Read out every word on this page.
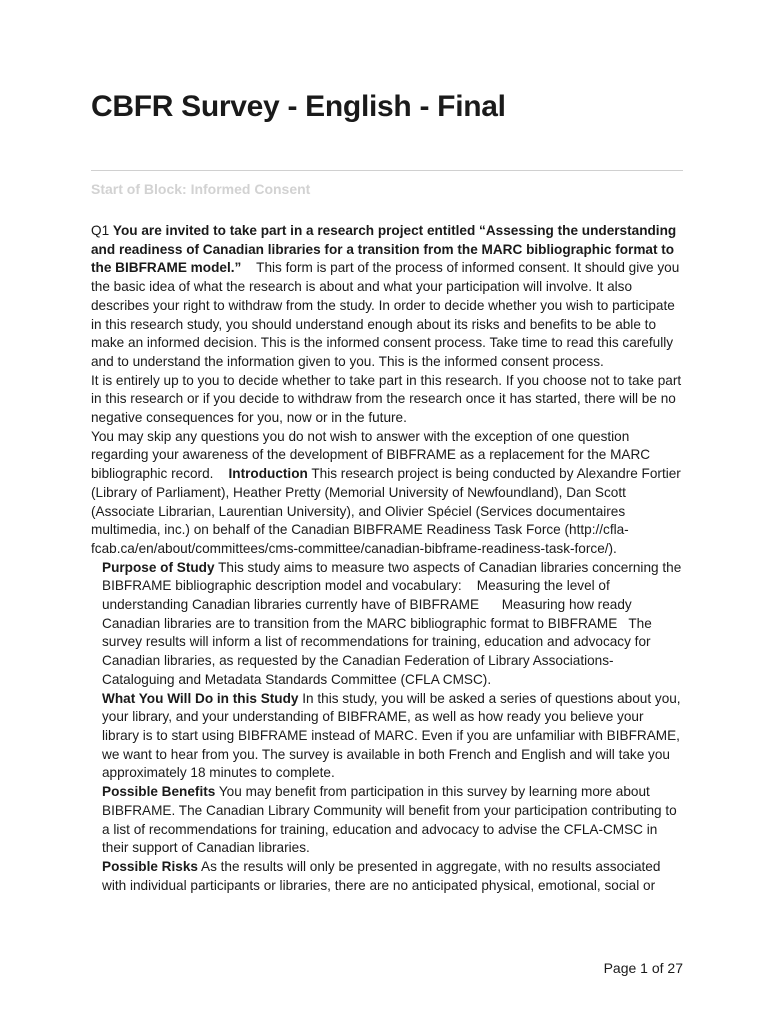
CBFR Survey - English - Final
Start of Block: Informed Consent

Q1 You are invited to take part in a research project entitled “Assessing the understanding and readiness of Canadian libraries for a transition from the MARC bibliographic format to the BIBFRAME model.” This form is part of the process of informed consent. It should give you the basic idea of what the research is about and what your participation will involve. It also describes your right to withdraw from the study. In order to decide whether you wish to participate in this research study, you should understand enough about its risks and benefits to be able to make an informed decision. This is the informed consent process. Take time to read this carefully and to understand the information given to you. This is the informed consent process.

It is entirely up to you to decide whether to take part in this research. If you choose not to take part in this research or if you decide to withdraw from the research once it has started, there will be no negative consequences for you, now or in the future.

You may skip any questions you do not wish to answer with the exception of one question regarding your awareness of the development of BIBFRAME as a replacement for the MARC bibliographic record. Introduction This research project is being conducted by Alexandre Fortier (Library of Parliament), Heather Pretty (Memorial University of Newfoundland), Dan Scott (Associate Librarian, Laurentian University), and Olivier Spéciel (Services documentaires multimedia, inc.) on behalf of the Canadian BIBFRAME Readiness Task Force (http://cfla-fcab.ca/en/about/committees/cms-committee/canadian-bibframe-readiness-task-force/).

Purpose of Study This study aims to measure two aspects of Canadian libraries concerning the BIBFRAME bibliographic description model and vocabulary: Measuring the level of understanding Canadian libraries currently have of BIBFRAME Measuring how ready Canadian libraries are to transition from the MARC bibliographic format to BIBFRAME The survey results will inform a list of recommendations for training, education and advocacy for Canadian libraries, as requested by the Canadian Federation of Library Associations-Cataloguing and Metadata Standards Committee (CFLA CMSC).

What You Will Do in this Study In this study, you will be asked a series of questions about you, your library, and your understanding of BIBFRAME, as well as how ready you believe your library is to start using BIBFRAME instead of MARC. Even if you are unfamiliar with BIBFRAME, we want to hear from you. The survey is available in both French and English and will take you approximately 18 minutes to complete.

Possible Benefits You may benefit from participation in this survey by learning more about BIBFRAME. The Canadian Library Community will benefit from your participation contributing to a list of recommendations for training, education and advocacy to advise the CFLA-CMSC in their support of Canadian libraries.

Possible Risks As the results will only be presented in aggregate, with no results associated with individual participants or libraries, there are no anticipated physical, emotional, social or

Page 1 of 27
